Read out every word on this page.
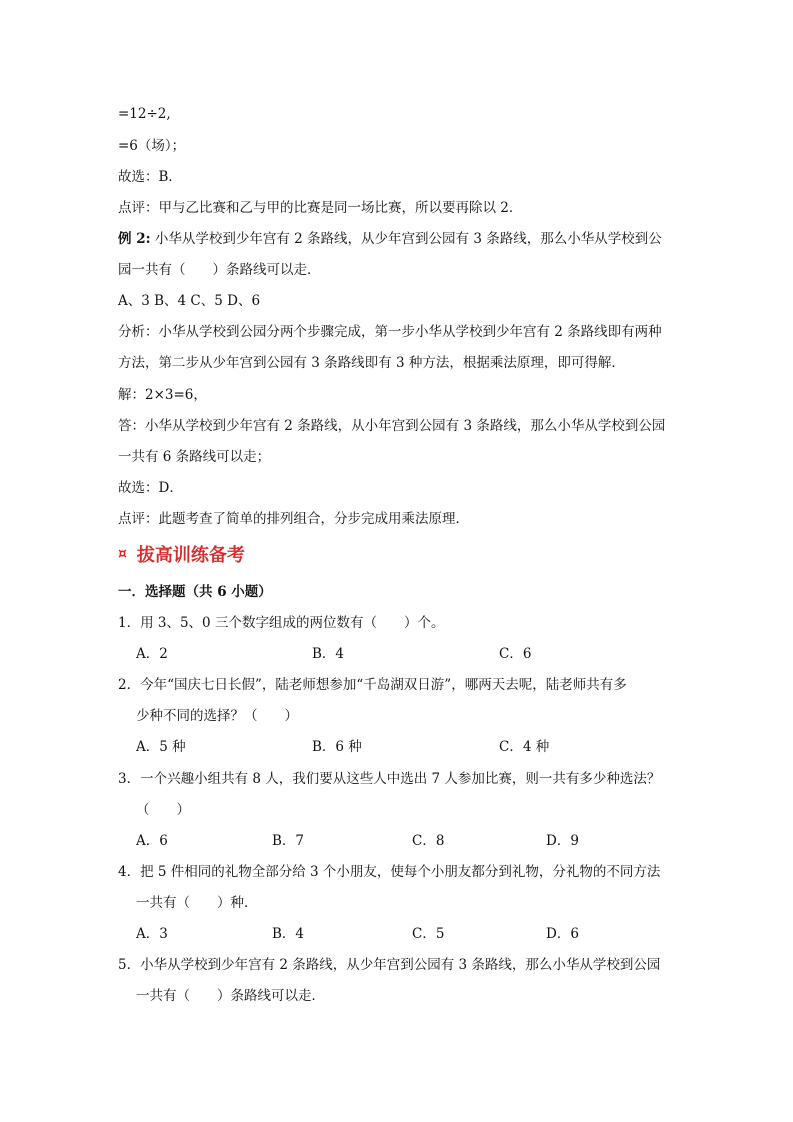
=12÷2,
=6（场）；
故选：B．
点评：甲与乙比赛和乙与甲的比赛是同一场比赛，所以要再除以 2．
例 2: 小华从学校到少年宫有 2 条路线，从少年宫到公园有 3 条路线，那么小华从学校到公
园一共有（　　）条路线可以走．
A、3 B、4 C、5 D、6
分析：小华从学校到公园分两个步骤完成，第一步小华从学校到少年宫有 2 条路线即有两种
方法，第二步从少年宫到公园有 3 条路线即有 3 种方法，根据乘法原理，即可得解．
解：2×3=6，
答：小华从学校到少年宫有 2 条路线，从小年宫到公园有 3 条路线，那么小华从学校到公园
一共有 6 条路线可以走；
故选：D．
点评：此题考查了简单的排列组合，分步完成用乘法原理．
¤ 拔高训练备考
一．选择题（共 6 小题）
1．用 3、5、0 三个数字组成的两位数有（　　）个。
A．2	B．4	C．6
2．今年“国庆七日长假”，陆老师想参加“千岛湖双日游”，哪两天去呢，陆老师共有多
少种不同的选择？（　　）
A．5 种	B．6 种	C．4 种
3．一个兴趣小组共有 8 人，我们要从这些人中选出 7 人参加比赛，则一共有多少种选法？
（　　）
A．6	B．7	C．8	D．9
4．把 5 件相同的礼物全部分给 3 个小朋友，使每个小朋友都分到礼物，分礼物的不同方法
一共有（　　）种．
A．3	B．4	C．5	D．6
5．小华从学校到少年宫有 2 条路线，从少年宫到公园有 3 条路线，那么小华从学校到公园
一共有（　　）条路线可以走．
